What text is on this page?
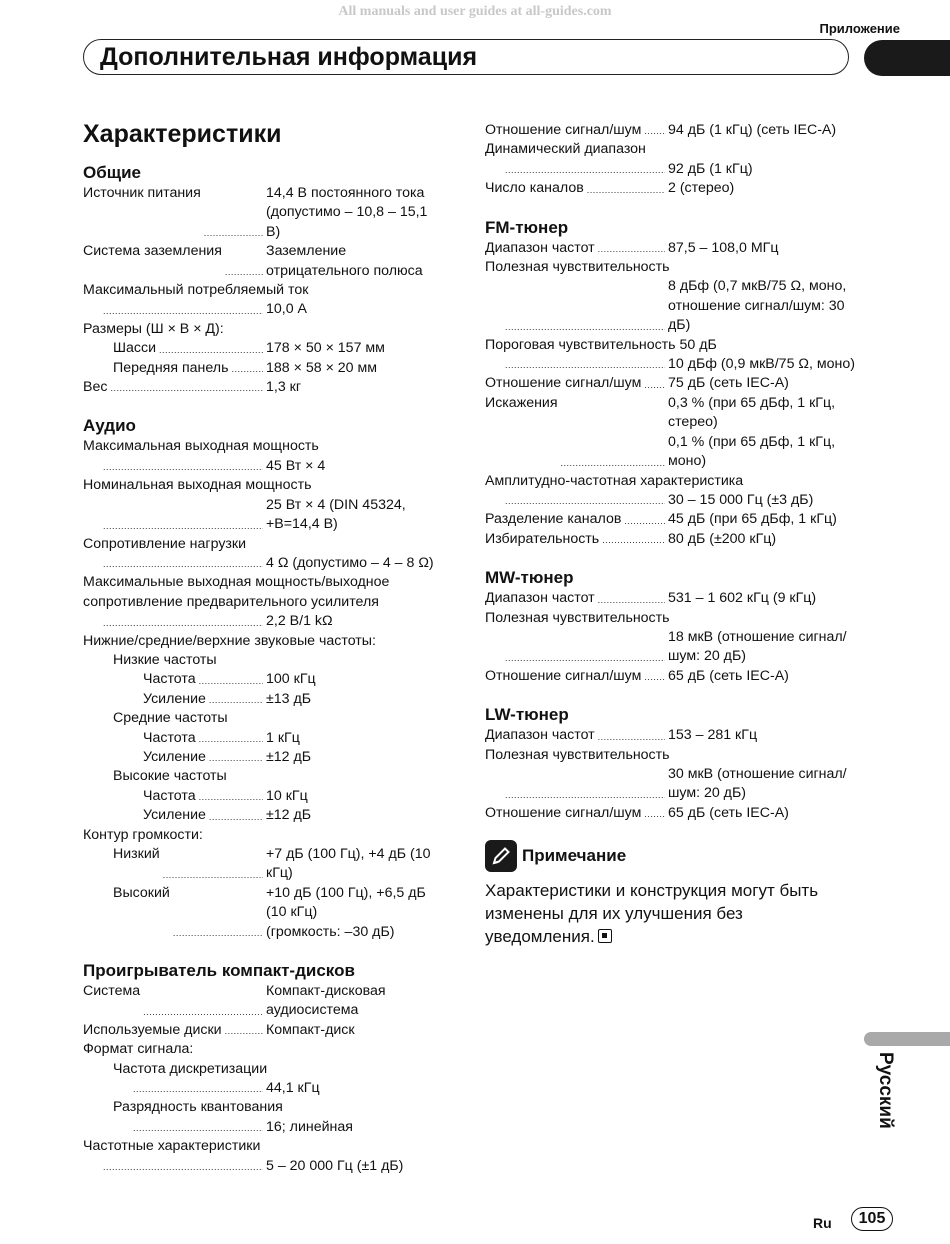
All manuals and user guides at all-guides.com
Приложение
Дополнительная информация
Характеристики
Общие
Источник питания .....	14,4 В постоянного тока (допустимо – 10,8 – 15,1 В)
Система заземления .....	Заземление отрицательного полюса
Максимальный потребляемый ток
.....
10,0 А
Размеры (Ш × В × Д):
Шасси .....	178 × 50 × 157 мм
Передняя панель .....	188 × 58 × 20 мм
Вес .....	1,3 кг
Аудио
Максимальная выходная мощность
.....
45 Вт × 4
Номинальная выходная мощность
.....
25 Вт × 4 (DIN 45324, +B=14,4 В)
Сопротивление нагрузки
.....
4 Ω (допустимо – 4 – 8 Ω)
Максимальные выходная мощность/выходное сопротивление предварительного усилителя
.....
2,2 В/1 kΩ
Нижние/средние/верхние звуковые частоты:
Низкие частоты
Частота .....	100 кГц
Усиление .....	±13 дБ
Средние частоты
Частота .....	1 кГц
Усиление .....	±12 дБ
Высокие частоты
Частота .....	10 кГц
Усиление .....	±12 дБ
Контур громкости:
Низкий .....	+7 дБ (100 Гц), +4 дБ (10 кГц)
Высокий .....	+10 дБ (100 Гц), +6,5 дБ (10 кГц)
(громкость: –30 дБ)
Проигрыватель компакт-дисков
Система .....	Компакт-дисковая аудиосистема
Используемые диски .....	Компакт-диск
Формат сигнала:
Частота дискретизации
.....
44,1 кГц
Разрядность квантования
.....
16; линейная
Частотные характеристики
.....
5 – 20 000 Гц (±1 дБ)
Отношение сигнал/шум ..... 94 дБ (1 кГц) (сеть IEC-A)
Динамический диапазон
.....
92 дБ (1 кГц)
Число каналов .....	2 (стерео)
FM-тюнер
Диапазон частот .....	87,5 – 108,0 МГц
Полезная чувствительность
.....
8 дБф (0,7 мкВ/75 Ω, моно, отношение сигнал/шум: 30 дБ)
Пороговая чувствительность 50 дБ
.....
10 дБф (0,9 мкВ/75 Ω, моно)
Отношение сигнал/шум ..... 75 дБ (сеть IEC-A)
Искажения .....	0,3 % (при 65 дБф, 1 кГц, стерео)
0,1 % (при 65 дБф, 1 кГц, моно)
Амплитудно-частотная характеристика
.....
30 – 15 000 Гц (±3 дБ)
Разделение каналов .....	45 дБ (при 65 дБф, 1 кГц)
Избирательность .....	80 дБ (±200 кГц)
MW-тюнер
Диапазон частот .....	531 – 1 602 кГц (9 кГц)
Полезная чувствительность
.....
18 мкВ (отношение сигнал/шум: 20 дБ)
Отношение сигнал/шум ..... 65 дБ (сеть IEC-A)
LW-тюнер
Диапазон частот .....	153 – 281 кГц
Полезная чувствительность
.....
30 мкВ (отношение сигнал/шум: 20 дБ)
Отношение сигнал/шум ..... 65 дБ (сеть IEC-A)
Примечание
Характеристики и конструкция могут быть изменены для их улучшения без уведомления.
Русский
Ru	105
